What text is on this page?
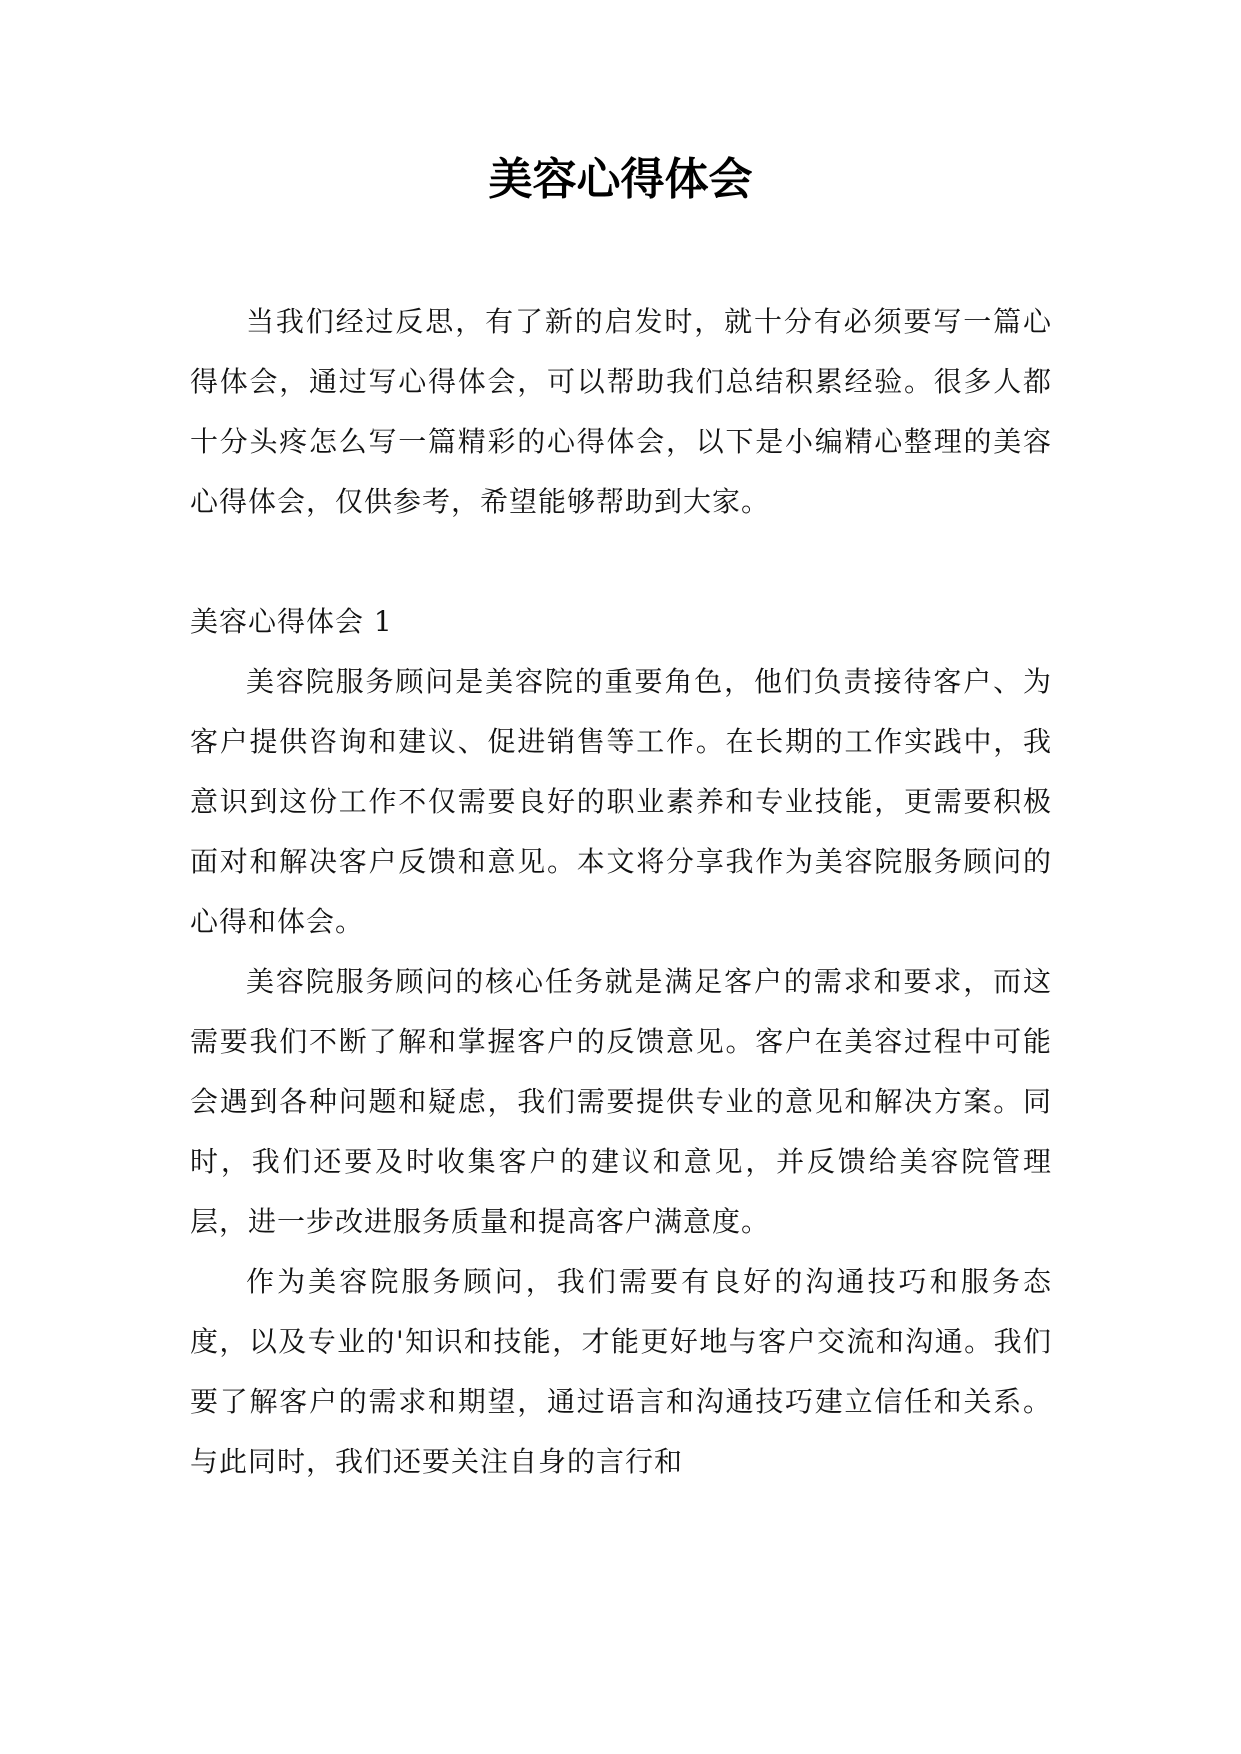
美容心得体会

当我们经过反思，有了新的启发时，就十分有必须要写一篇心得体会，通过写心得体会，可以帮助我们总结积累经验。很多人都十分头疼怎么写一篇精彩的心得体会，以下是小编精心整理的美容心得体会，仅供参考，希望能够帮助到大家。

美容心得体会 1

美容院服务顾问是美容院的重要角色，他们负责接待客户、为客户提供咨询和建议、促进销售等工作。在长期的工作实践中，我意识到这份工作不仅需要良好的职业素养和专业技能，更需要积极面对和解决客户反馈和意见。本文将分享我作为美容院服务顾问的心得和体会。

美容院服务顾问的核心任务就是满足客户的需求和要求，而这需要我们不断了解和掌握客户的反馈意见。客户在美容过程中可能会遇到各种问题和疑虑，我们需要提供专业的意见和解决方案。同时，我们还要及时收集客户的建议和意见，并反馈给美容院管理层，进一步改进服务质量和提高客户满意度。

作为美容院服务顾问，我们需要有良好的沟通技巧和服务态度，以及专业的'知识和技能，才能更好地与客户交流和沟通。我们要了解客户的需求和期望，通过语言和沟通技巧建立信任和关系。与此同时，我们还要关注自身的言行和
